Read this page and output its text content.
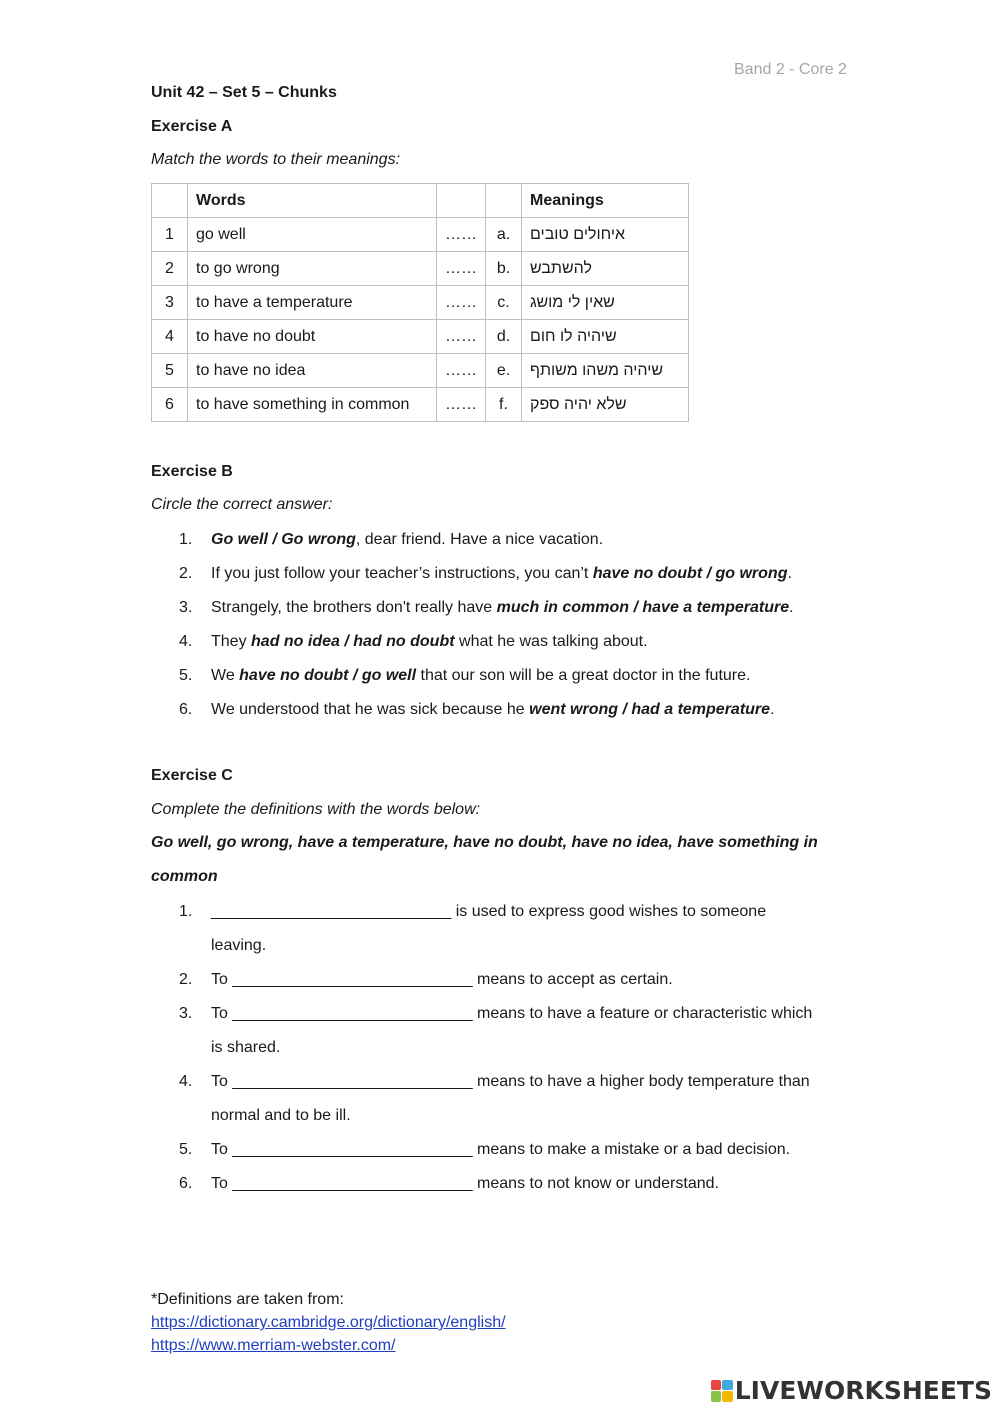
Band 2 - Core 2
Unit 42 – Set 5 – Chunks
Exercise A
Match the words to their meanings:
	Words			Meanings
1	go well	……	a.	איחולים טובים
2	to go wrong	……	b.	להשתבש
3	to have a temperature	……	c.	שאין לי מושג
4	to have no doubt	……	d.	שיהיה לו חום
5	to have no idea	……	e.	שיהיה משהו משותף
6	to have something in common	……	f.	שלא יהיה ספק
Exercise B
Circle the correct answer:
1. Go well / Go wrong, dear friend. Have a nice vacation.
2. If you just follow your teacher’s instructions, you can’t have no doubt / go wrong.
3. Strangely, the brothers don't really have much in common / have a temperature.
4. They had no idea / had no doubt what he was talking about.
5. We have no doubt / go well that our son will be a great doctor in the future.
6. We understood that he was sick because he went wrong / had a temperature.
Exercise C
Complete the definitions with the words below:
Go well, go wrong, have a temperature, have no doubt, have no idea, have something in
common
1. ___________________________ is used to express good wishes to someone
leaving.
2. To ___________________________ means to accept as certain.
3. To ___________________________ means to have a feature or characteristic which
is shared.
4. To ___________________________ means to have a higher body temperature than
normal and to be ill.
5. To ___________________________ means to make a mistake or a bad decision.
6. To ___________________________ means to not know or understand.
*Definitions are taken from:
https://dictionary.cambridge.org/dictionary/english/
https://www.merriam-webster.com/
LIVEWORKSHEETS
